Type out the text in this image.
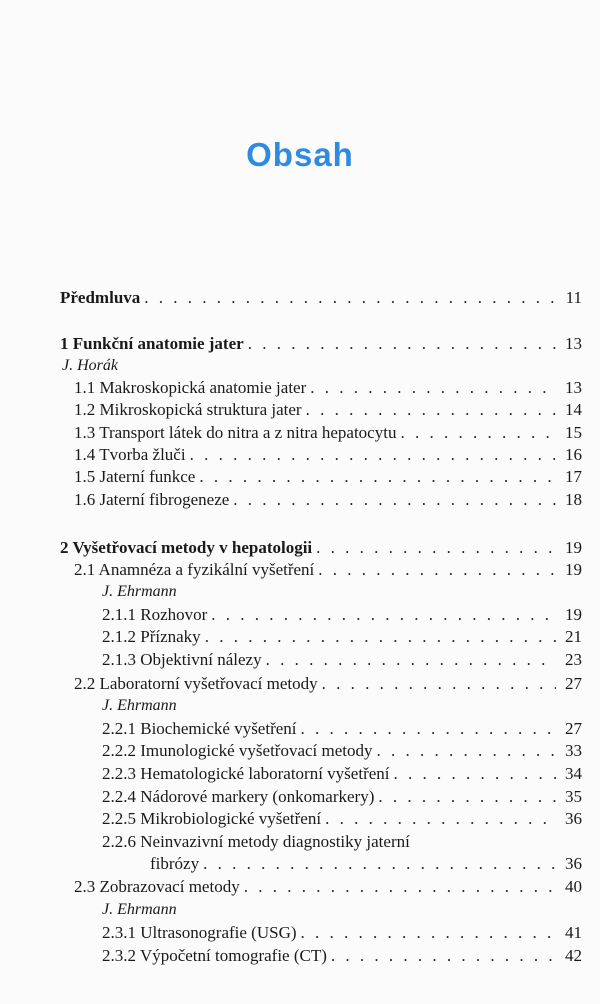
Obsah
Předmluva . . .	11
1 Funkční anatomie jater . . .	13
J. Horák
1.1 Makroskopická anatomie jater . . .	13
1.2 Mikroskopická struktura jater . . .	14
1.3 Transport látek do nitra a z nitra hepatocytu . . .	15
1.4 Tvorba žluči . . .	16
1.5 Jaterní funkce . . .	17
1.6 Jaterní fibrogeneze . . .	18
2 Vyšetřovací metody v hepatologii . . .	19
2.1 Anamnéza a fyzikální vyšetření . . .	19
J. Ehrmann
2.1.1 Rozhovor . . .	19
2.1.2 Příznaky . . .	21
2.1.3 Objektivní nálezy . . .	23
2.2 Laboratorní vyšetřovací metody . . .	27
J. Ehrmann
2.2.1 Biochemické vyšetření . . .	27
2.2.2 Imunologické vyšetřovací metody . . .	33
2.2.3 Hematologické laboratorní vyšetření . . .	34
2.2.4 Nádorové markery (onkomarkery) . . .	35
2.2.5 Mikrobiologické vyšetření . . .	36
2.2.6 Neinvazivní metody diagnostiky jaterní
fibrózy . . .	36
2.3 Zobrazovací metody . . .	40
J. Ehrmann
2.3.1 Ultrasonografie (USG) . . .	41
2.3.2 Výpočetní tomografie (CT) . . .	42
